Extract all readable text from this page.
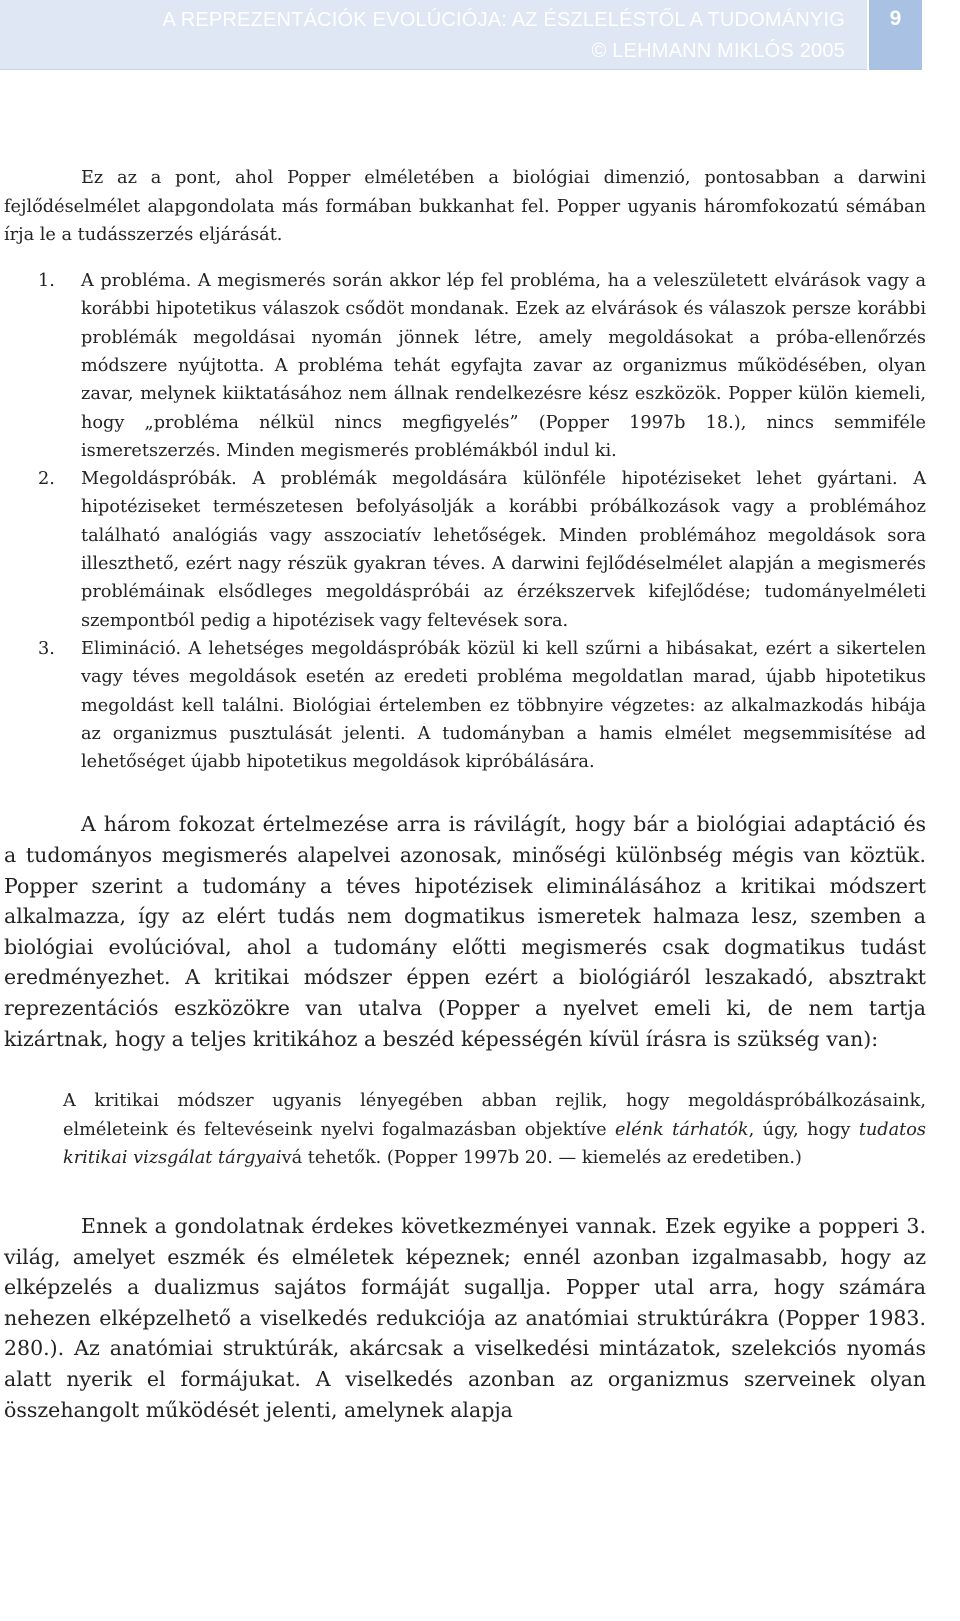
A REPREZENTÁCIÓK EVOLÚCIÓJA: AZ ÉSZLELÉSTŐL A TUDOMÁNYIG
© LEHMANN MIKLÓS 2005
9

Ez az a pont, ahol Popper elméletében a biológiai dimenzió, pontosabban a darwini fejlődéselmélet alapgondolata más formában bukkanhat fel. Popper ugyanis háromfokozatú sémában írja le a tudásszerzés eljárását.

1. A probléma. A megismerés során akkor lép fel probléma, ha a veleszületett elvárások vagy a korábbi hipotetikus válaszok csődöt mondanak. Ezek az elvárások és válaszok persze korábbi problémák megoldásai nyomán jönnek létre, amely megoldásokat a próba-ellenőrzés módszere nyújtotta. A probléma tehát egyfajta zavar az organizmus működésében, olyan zavar, melynek kiiktatásához nem állnak rendelkezésre kész eszközök. Popper külön kiemeli, hogy „probléma nélkül nincs megfigyelés” (Popper 1997b 18.), nincs semmiféle ismeretszerzés. Minden megismerés problémákból indul ki.
2. Megoldáspróbák. A problémák megoldására különféle hipotéziseket lehet gyártani. A hipotéziseket természetesen befolyásolják a korábbi próbálkozások vagy a problémához található analógiás vagy asszociatív lehetőségek. Minden problémához megoldások sora illeszthető, ezért nagy részük gyakran téves. A darwini fejlődéselmélet alapján a megismerés problémáinak elsődleges megoldáspróbái az érzékszervek kifejlődése; tudományelméleti szempontból pedig a hipotézisek vagy feltevések sora.
3. Elimináció. A lehetséges megoldáspróbák közül ki kell szűrni a hibásakat, ezért a sikertelen vagy téves megoldások esetén az eredeti probléma megoldatlan marad, újabb hipotetikus megoldást kell találni. Biológiai értelemben ez többnyire végzetes: az alkalmazkodás hibája az organizmus pusztulását jelenti. A tudományban a hamis elmélet megsemmisítése ad lehetőséget újabb hipotetikus megoldások kipróbálására.

A három fokozat értelmezése arra is rávilágít, hogy bár a biológiai adaptáció és a tudományos megismerés alapelvei azonosak, minőségi különbség mégis van köztük. Popper szerint a tudomány a téves hipotézisek eliminálásához a kritikai módszert alkalmazza, így az elért tudás nem dogmatikus ismeretek halmaza lesz, szemben a biológiai evolúcióval, ahol a tudomány előtti megismerés csak dogmatikus tudást eredményezhet. A kritikai módszer éppen ezért a biológiáról leszakadó, absztrakt reprezentációs eszközökre van utalva (Popper a nyelvet emeli ki, de nem tartja kizártnak, hogy a teljes kritikához a beszéd képességén kívül írásra is szükség van):

A kritikai módszer ugyanis lényegében abban rejlik, hogy megoldáspróbálkozásaink, elméleteink és feltevéseink nyelvi fogalmazásban objektíve elénk tárhatók, úgy, hogy tudatos kritikai vizsgálat tárgyaivá tehetők. (Popper 1997b 20. — kiemelés az eredetiben.)

Ennek a gondolatnak érdekes következményei vannak. Ezek egyike a popperi 3. világ, amelyet eszmék és elméletek képeznek; ennél azonban izgalmasabb, hogy az elképzelés a dualizmus sajátos formáját sugallja. Popper utal arra, hogy számára nehezen elképzelhető a viselkedés redukciója az anatómiai struktúrákra (Popper 1983. 280.). Az anatómiai struktúrák, akárcsak a viselkedési mintázatok, szelekciós nyomás alatt nyerik el formájukat. A viselkedés azonban az organizmus szerveinek olyan összehangolt működését jelenti, amelynek alapja
